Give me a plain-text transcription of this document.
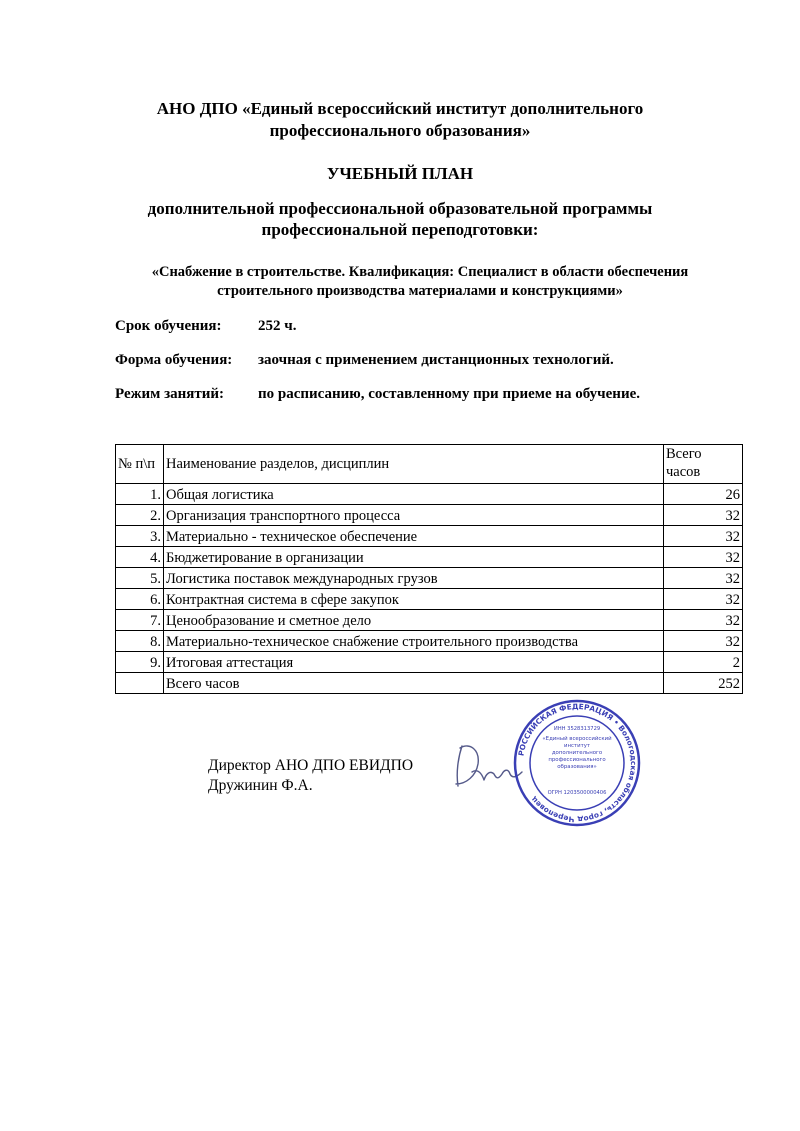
АНО ДПО «Единый всероссийский институт дополнительного
профессионального образования»
УЧЕБНЫЙ ПЛАН
дополнительной профессиональной образовательной программы
профессиональной переподготовки:
«Снабжение в строительстве. Квалификация: Специалист в области обеспечения
строительного производства материалами и конструкциями»
Срок обучения: 252 ч.
Форма обучения: заочная с применением дистанционных технологий.
Режим занятий: по расписанию, составленному при приеме на обучение.
№ п\п	Наименование разделов, дисциплин	Всего
часов

1.	Общая логистика	26
2.	Организация транспортного процесса	32
3.	Материально - техническое обеспечение	32
4.	Бюджетирование в организации	32
5.	Логистика поставок международных грузов	32
6.	Контрактная система в сфере закупок	32
7.	Ценообразование и сметное дело	32
8.	Материально-техническое снабжение строительного производства	32
9.	Итоговая аттестация	2
	Всего часов	252
Директор АНО ДПО ЕВИДПО
Дружинин Ф.А.
РОССИЙСКАЯ ФЕДЕРАЦИЯ • Вологодская область, город Череповец
ИНН 3528313729
«Единый всероссийский институт дополнительного профессионального образования»
ОГРН 1203500000406
